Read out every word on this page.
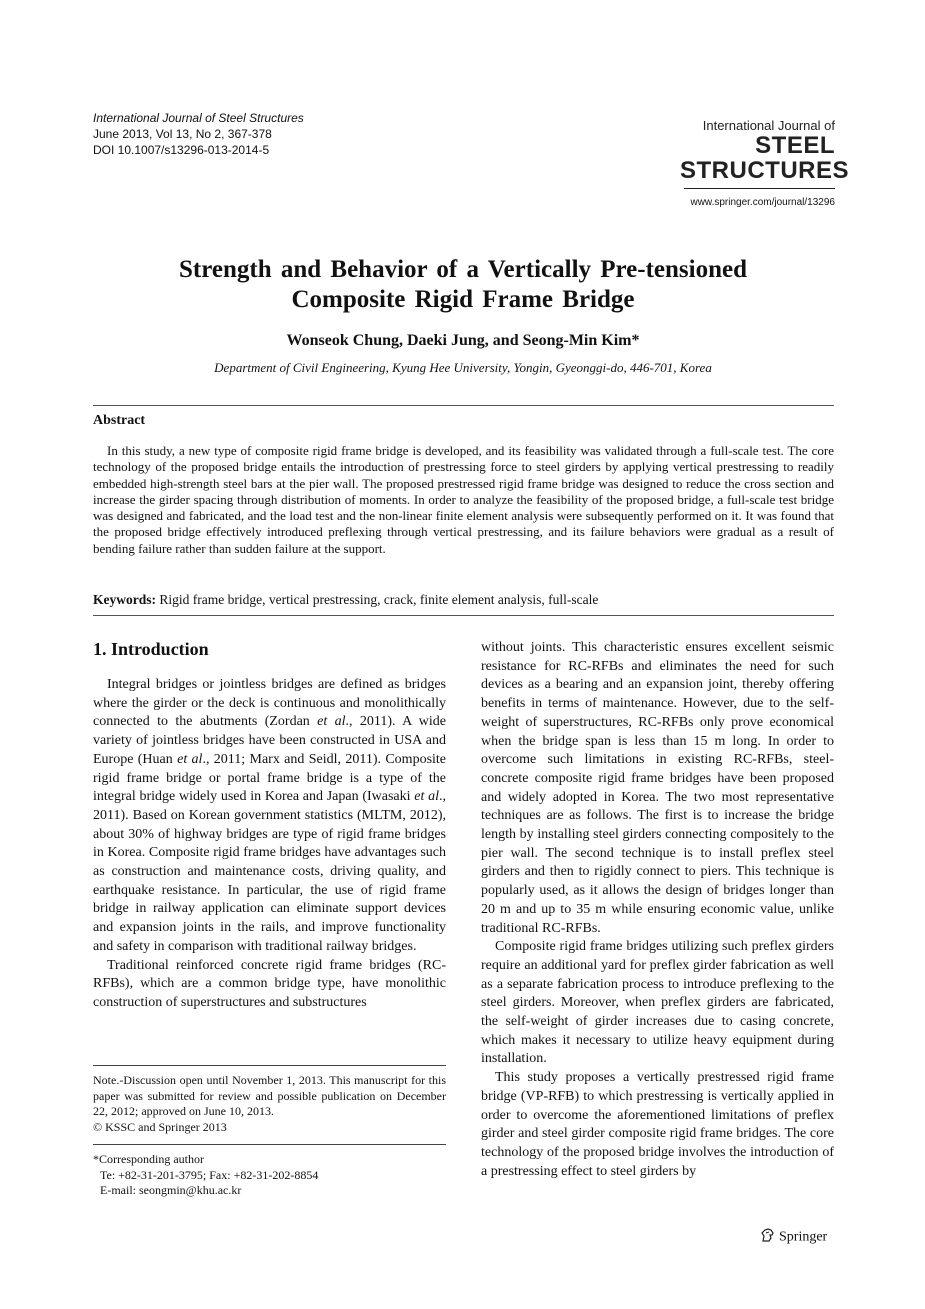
International Journal of Steel Structures
June 2013, Vol 13, No 2, 367-378
DOI 10.1007/s13296-013-2014-5
International Journal of
STEEL
STRUCTURES
www.springer.com/journal/13296
Strength and Behavior of a Vertically Pre-tensioned
Composite Rigid Frame Bridge
Wonseok Chung, Daeki Jung, and Seong-Min Kim*
Department of Civil Engineering, Kyung Hee University, Yongin, Gyeonggi-do, 446-701, Korea
Abstract

In this study, a new type of composite rigid frame bridge is developed, and its feasibility was validated through a full-scale test. The core technology of the proposed bridge entails the introduction of prestressing force to steel girders by applying vertical prestressing to readily embedded high-strength steel bars at the pier wall. The proposed prestressed rigid frame bridge was designed to reduce the cross section and increase the girder spacing through distribution of moments. In order to analyze the feasibility of the proposed bridge, a full-scale test bridge was designed and fabricated, and the load test and the non-linear finite element analysis were subsequently performed on it. It was found that the proposed bridge effectively introduced preflexing through vertical prestressing, and its failure behaviors were gradual as a result of bending failure rather than sudden failure at the support.

Keywords: Rigid frame bridge, vertical prestressing, crack, finite element analysis, full-scale
1. Introduction

Integral bridges or jointless bridges are defined as bridges where the girder or the deck is continuous and monolithically connected to the abutments (Zordan et al., 2011). A wide variety of jointless bridges have been constructed in USA and Europe (Huan et al., 2011; Marx and Seidl, 2011). Composite rigid frame bridge or portal frame bridge is a type of the integral bridge widely used in Korea and Japan (Iwasaki et al., 2011). Based on Korean government statistics (MLTM, 2012), about 30% of highway bridges are type of rigid frame bridges in Korea. Composite rigid frame bridges have advantages such as construction and maintenance costs, driving quality, and earthquake resistance. In particular, the use of rigid frame bridge in railway application can eliminate support devices and expansion joints in the rails, and improve functionality and safety in comparison with traditional railway bridges.

Traditional reinforced concrete rigid frame bridges (RC-RFBs), which are a common bridge type, have monolithic construction of superstructures and substructures

without joints. This characteristic ensures excellent seismic resistance for RC-RFBs and eliminates the need for such devices as a bearing and an expansion joint, thereby offering benefits in terms of maintenance. However, due to the self-weight of superstructures, RC-RFBs only prove economical when the bridge span is less than 15 m long. In order to overcome such limitations in existing RC-RFBs, steel-concrete composite rigid frame bridges have been proposed and widely adopted in Korea. The two most representative techniques are as follows. The first is to increase the bridge length by installing steel girders connecting compositely to the pier wall. The second technique is to install preflex steel girders and then to rigidly connect to piers. This technique is popularly used, as it allows the design of bridges longer than 20 m and up to 35 m while ensuring economic value, unlike traditional RC-RFBs.

Composite rigid frame bridges utilizing such preflex girders require an additional yard for preflex girder fabrication as well as a separate fabrication process to introduce preflexing to the steel girders. Moreover, when preflex girders are fabricated, the self-weight of girder increases due to casing concrete, which makes it necessary to utilize heavy equipment during installation.

This study proposes a vertically prestressed rigid frame bridge (VP-RFB) to which prestressing is vertically applied in order to overcome the aforementioned limitations of preflex girder and steel girder composite rigid frame bridges. The core technology of the proposed bridge involves the introduction of a prestressing effect to steel girders by

Note.-Discussion open until November 1, 2013. This manuscript for this paper was submitted for review and possible publication on December 22, 2012; approved on June 10, 2013.
© KSSC and Springer 2013
*Corresponding author
Te: +82-31-201-3795; Fax: +82-31-202-8854
E-mail: seongmin@khu.ac.kr
Springer
